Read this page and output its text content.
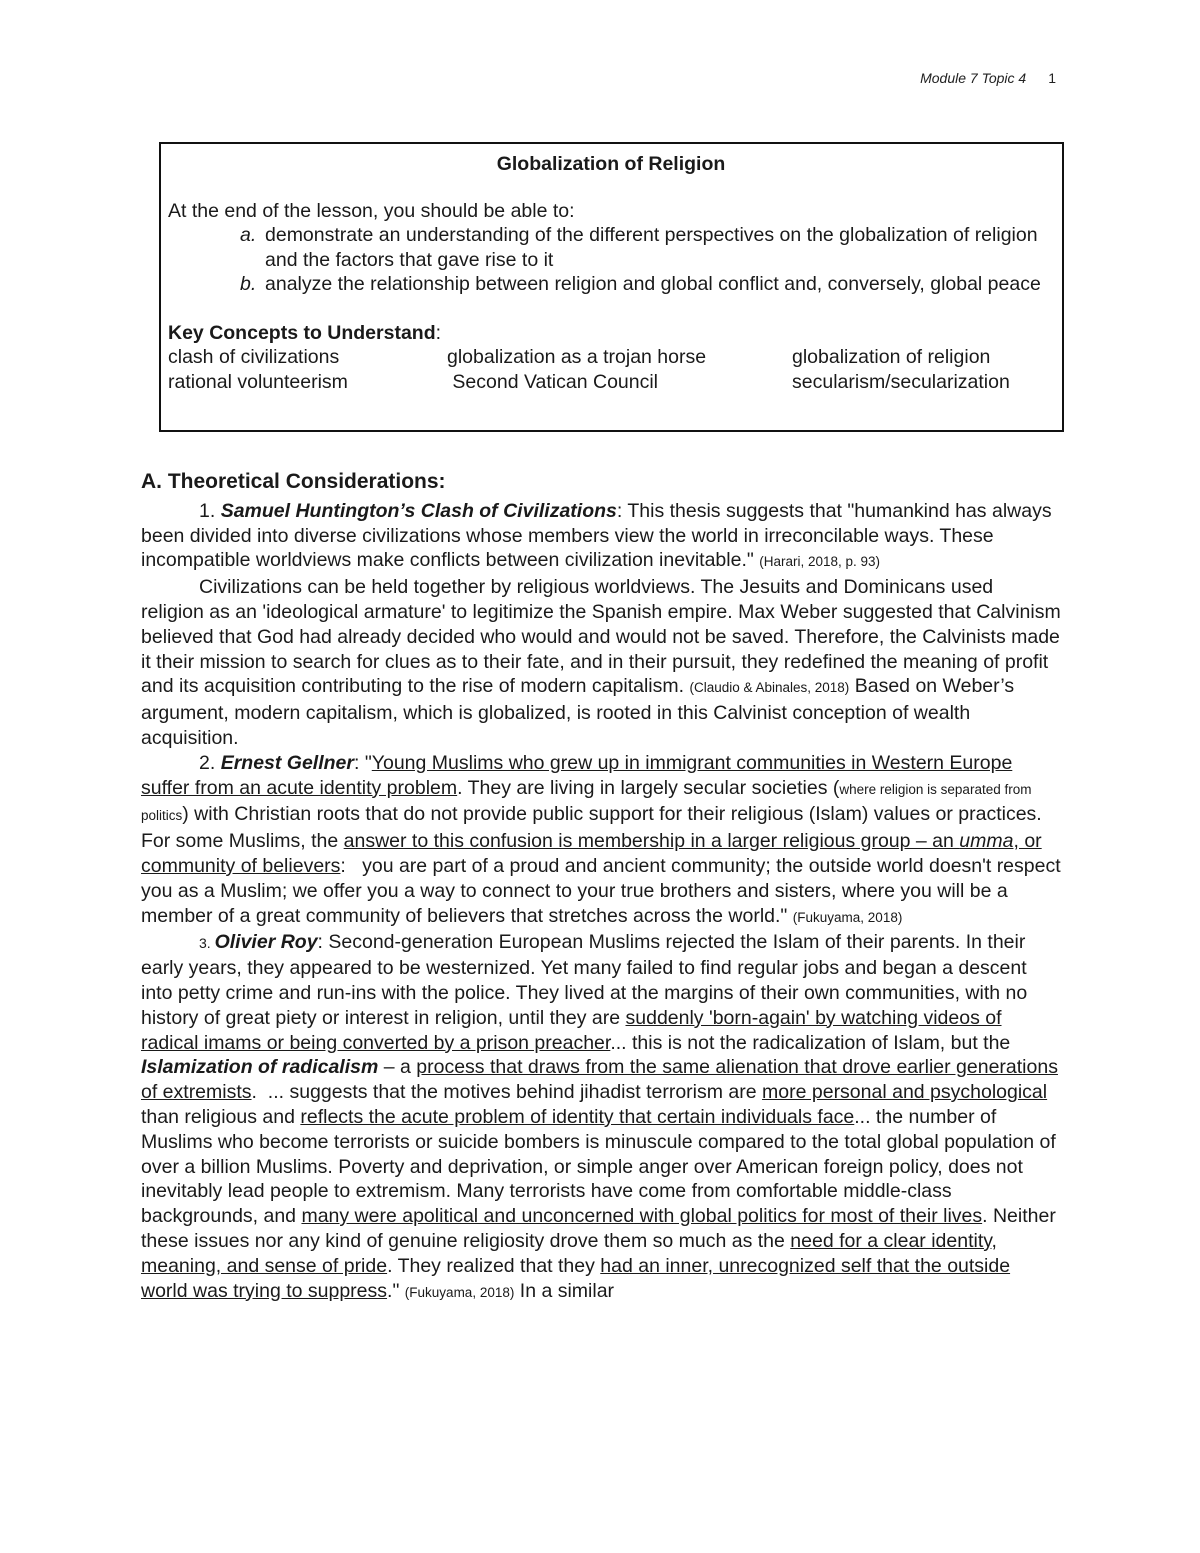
Module 7 Topic 4 1
Globalization of Religion
At the end of the lesson, you should be able to:
a. demonstrate an understanding of the different perspectives on the globalization of religion and the factors that gave rise to it
b. analyze the relationship between religion and global conflict and, conversely, global peace
Key Concepts to Understand:
clash of civilizations	globalization as a trojan horse	globalization of religion
rational volunteerism	Second Vatican Council	secularism/secularization
A. Theoretical Considerations:

1. Samuel Huntington’s Clash of Civilizations: This thesis suggests that "humankind has always been divided into diverse civilizations whose members view the world in irreconcilable ways. These incompatible worldviews make conflicts between civilization inevitable." (Harari, 2018, p. 93)

Civilizations can be held together by religious worldviews. The Jesuits and Dominicans used religion as an 'ideological armature' to legitimize the Spanish empire. Max Weber suggested that Calvinism believed that God had already decided who would and would not be saved. Therefore, the Calvinists made it their mission to search for clues as to their fate, and in their pursuit, they redefined the meaning of profit and its acquisition contributing to the rise of modern capitalism. (Claudio & Abinales, 2018) Based on Weber’s argument, modern capitalism, which is globalized, is rooted in this Calvinist conception of wealth acquisition.

2. Ernest Gellner: "Young Muslims who grew up in immigrant communities in Western Europe suffer from an acute identity problem. They are living in largely secular societies (where religion is separated from politics) with Christian roots that do not provide public support for their religious (Islam) values or practices. For some Muslims, the answer to this confusion is membership in a larger religious group – an umma, or community of believers:   you are part of a proud and ancient community; the outside world doesn't respect you as a Muslim; we offer you a way to connect to your true brothers and sisters, where you will be a member of a great community of believers that stretches across the world." (Fukuyama, 2018)

3. Olivier Roy: Second-generation European Muslims rejected the Islam of their parents. In their early years, they appeared to be westernized. Yet many failed to find regular jobs and began a descent into petty crime and run-ins with the police. They lived at the margins of their own communities, with no history of great piety or interest in religion, until they are suddenly 'born-again' by watching videos of radical imams or being converted by a prison preacher... this is not the radicalization of Islam, but the Islamization of radicalism – a process that draws from the same alienation that drove earlier generations of extremists.  ... suggests that the motives behind jihadist terrorism are more personal and psychological than religious and reflects the acute problem of identity that certain individuals face... the number of Muslims who become terrorists or suicide bombers is minuscule compared to the total global population of over a billion Muslims. Poverty and deprivation, or simple anger over American foreign policy, does not inevitably lead people to extremism. Many terrorists have come from comfortable middle-class backgrounds, and many were apolitical and unconcerned with global politics for most of their lives. Neither these issues nor any kind of genuine religiosity drove them so much as the need for a clear identity, meaning, and sense of pride. They realized that they had an inner, unrecognized self that the outside world was trying to suppress." (Fukuyama, 2018) In a similar
